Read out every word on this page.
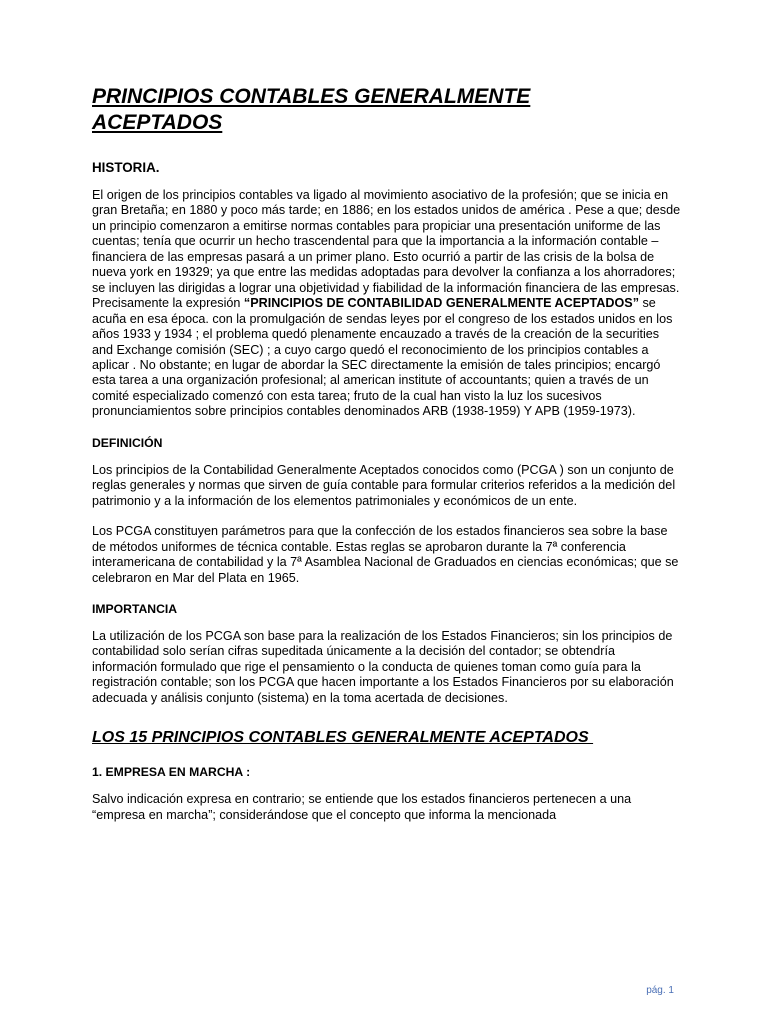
PRINCIPIOS CONTABLES GENERALMENTE
ACEPTADOS
HISTORIA.

El origen de los principios contables va ligado al movimiento asociativo de la profesión; que se inicia en gran Bretaña; en 1880 y poco más tarde; en 1886; en los estados unidos de américa . Pese a que; desde un principio comenzaron a emitirse normas contables para propiciar una presentación uniforme de las cuentas; tenía que ocurrir un hecho trascendental para que la importancia a la información contable – financiera de las empresas pasará a un primer plano. Esto ocurrió a partir de las crisis de la bolsa de nueva york en 19329; ya que entre las medidas adoptadas para devolver la confianza a los ahorradores; se incluyen las dirigidas a lograr una objetividad y fiabilidad de la información financiera de las empresas. Precisamente la expresión “PRINCIPIOS DE CONTABILIDAD GENERALMENTE ACEPTADOS” se acuña en esa época. con la promulgación de sendas leyes por el congreso de los estados unidos en los años 1933 y 1934 ; el problema quedó plenamente encauzado a través de la creación de la securities and Exchange comisión (SEC) ; a cuyo cargo quedó el reconocimiento de los principios contables a aplicar . No obstante; en lugar de abordar la SEC directamente la emisión de tales principios; encargó esta tarea a una organización profesional; al american institute of accountants; quien a través de un comité especializado comenzó con esta tarea; fruto de la cual han visto la luz los sucesivos pronunciamientos sobre principios contables denominados ARB (1938-1959) Y APB (1959-1973).

DEFINICIÓN

Los principios de la Contabilidad Generalmente Aceptados conocidos como (PCGA ) son un conjunto de reglas generales y normas que sirven de guía contable para formular criterios referidos a la medición del patrimonio y a la información de los elementos patrimoniales y económicos de un ente.

Los PCGA constituyen parámetros para que la confección de los estados financieros sea sobre la base de métodos uniformes de técnica contable. Estas reglas se aprobaron durante la 7ª conferencia interamericana de contabilidad y la 7ª Asamblea Nacional de Graduados en ciencias económicas; que se celebraron en Mar del Plata en 1965.

IMPORTANCIA

La utilización de los PCGA son base para la realización de los Estados Financieros; sin los principios de contabilidad solo serían cifras supeditada únicamente a la decisión del contador; se obtendría información formulado que rige el pensamiento o la conducta de quienes toman como guía para la registración contable; son los PCGA que hacen importante a los Estados Financieros por su elaboración adecuada y análisis conjunto (sistema) en la toma acertada de decisiones.

LOS 15 PRINCIPIOS CONTABLES GENERALMENTE ACEPTADOS
1. EMPRESA EN MARCHA :

Salvo indicación expresa en contrario; se entiende que los estados financieros pertenecen a una “empresa en marcha”; considerándose que el concepto que informa la mencionada

pág. 1
